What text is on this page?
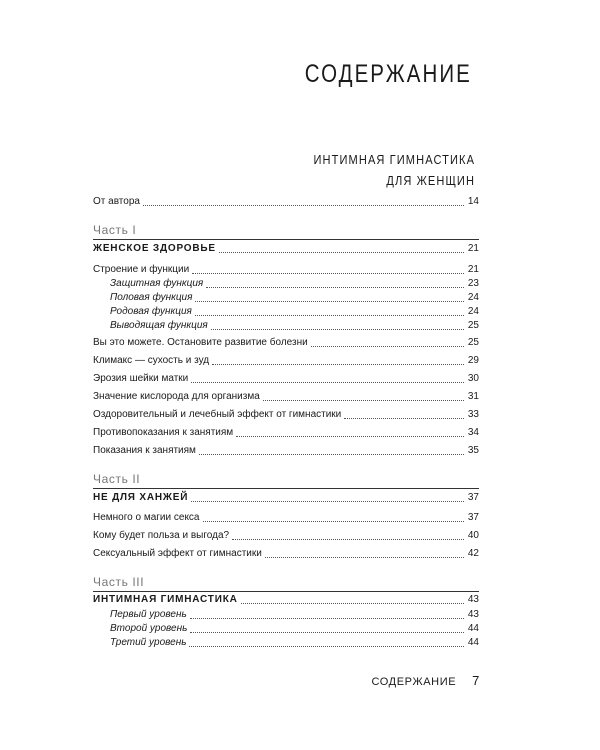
СОДЕРЖАНИЕ
ИНТИМНАЯ ГИМНАСТИКА
ДЛЯ ЖЕНЩИН
От автора	14
Часть I
ЖЕНСКОЕ ЗДОРОВЬЕ	21
Строение и функции	21
Защитная функция	23
Половая функция	24
Родовая функция	24
Выводящая функция	25
Вы это можете. Остановите развитие болезни	25
Климакс — сухость и зуд	29
Эрозия шейки матки	30
Значение кислорода для организма	31
Оздоровительный и лечебный эффект от гимнастики	33
Противопоказания к занятиям	34
Показания к занятиям	35
Часть II
НЕ ДЛЯ ХАНЖЕЙ	37
Немного о магии секса	37
Кому будет польза и выгода?	40
Сексуальный эффект от гимнастики	42
Часть III
ИНТИМНАЯ ГИМНАСТИКА	43
Первый уровень	43
Второй уровень	44
Третий уровень	44
СОДЕРЖАНИЕ 7
